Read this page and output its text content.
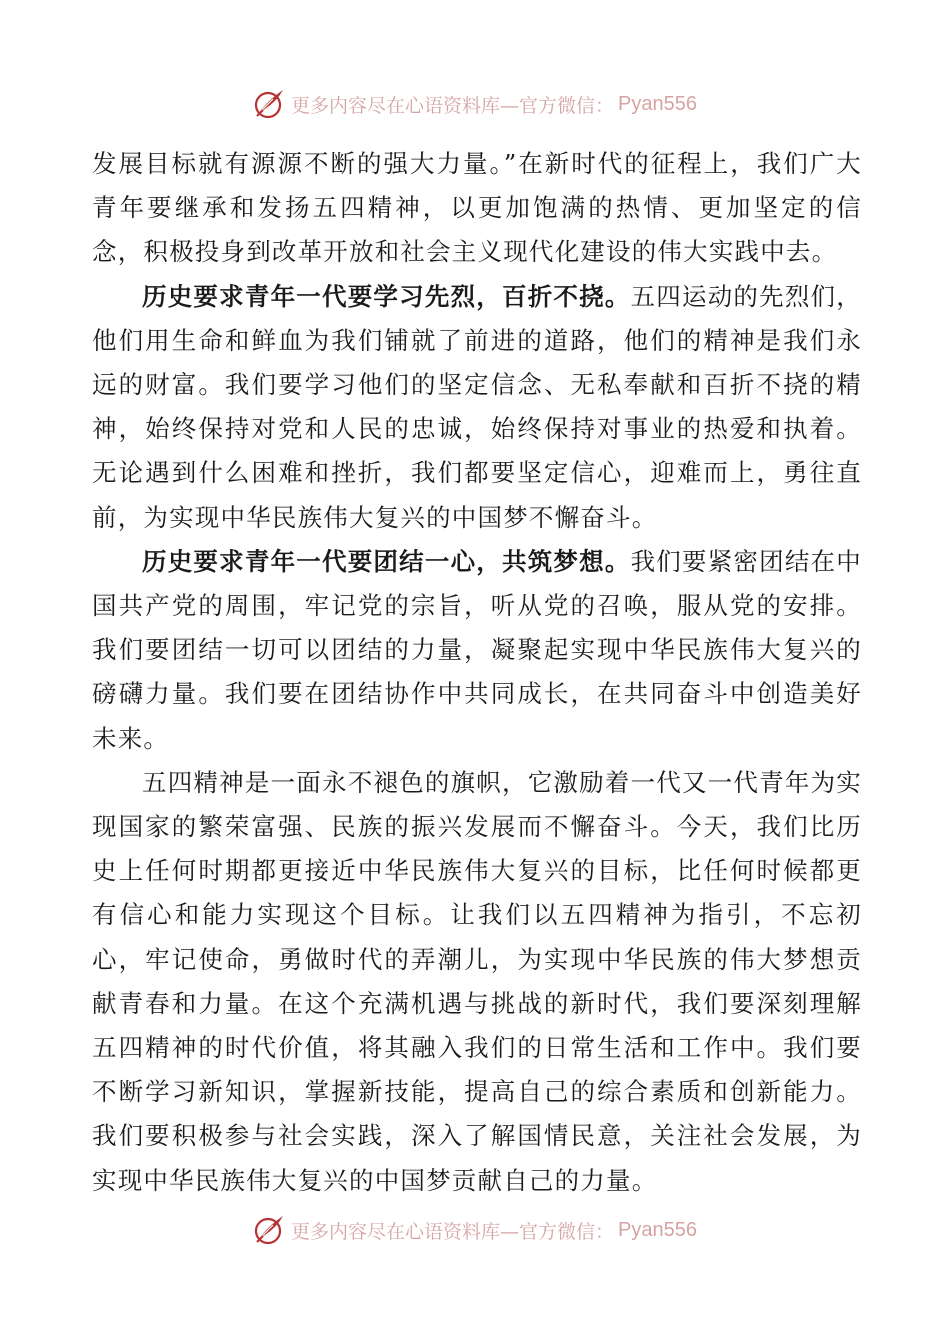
更多内容尽在心语资料库—官方微信： Pyan556

发展目标就有源源不断的强大力量。”在新时代的征程上，我们广大青年要继承和发扬五四精神，以更加饱满的热情、更加坚定的信念，积极投身到改革开放和社会主义现代化建设的伟大实践中去。

历史要求青年一代要学习先烈，百折不挠。五四运动的先烈们，他们用生命和鲜血为我们铺就了前进的道路，他们的精神是我们永远的财富。我们要学习他们的坚定信念、无私奉献和百折不挠的精神，始终保持对党和人民的忠诚，始终保持对事业的热爱和执着。无论遇到什么困难和挫折，我们都要坚定信心，迎难而上，勇往直前，为实现中华民族伟大复兴的中国梦不懈奋斗。

历史要求青年一代要团结一心，共筑梦想。我们要紧密团结在中国共产党的周围，牢记党的宗旨，听从党的召唤，服从党的安排。我们要团结一切可以团结的力量，凝聚起实现中华民族伟大复兴的磅礴力量。我们要在团结协作中共同成长，在共同奋斗中创造美好未来。

五四精神是一面永不褪色的旗帜，它激励着一代又一代青年为实现国家的繁荣富强、民族的振兴发展而不懈奋斗。今天，我们比历史上任何时期都更接近中华民族伟大复兴的目标，比任何时候都更有信心和能力实现这个目标。让我们以五四精神为指引，不忘初心，牢记使命，勇做时代的弄潮儿，为实现中华民族的伟大梦想贡献青春和力量。在这个充满机遇与挑战的新时代，我们要深刻理解五四精神的时代价值，将其融入我们的日常生活和工作中。我们要不断学习新知识，掌握新技能，提高自己的综合素质和创新能力。我们要积极参与社会实践，深入了解国情民意，关注社会发展，为实现中华民族伟大复兴的中国梦贡献自己的力量。

更多内容尽在心语资料库—官方微信： Pyan556
